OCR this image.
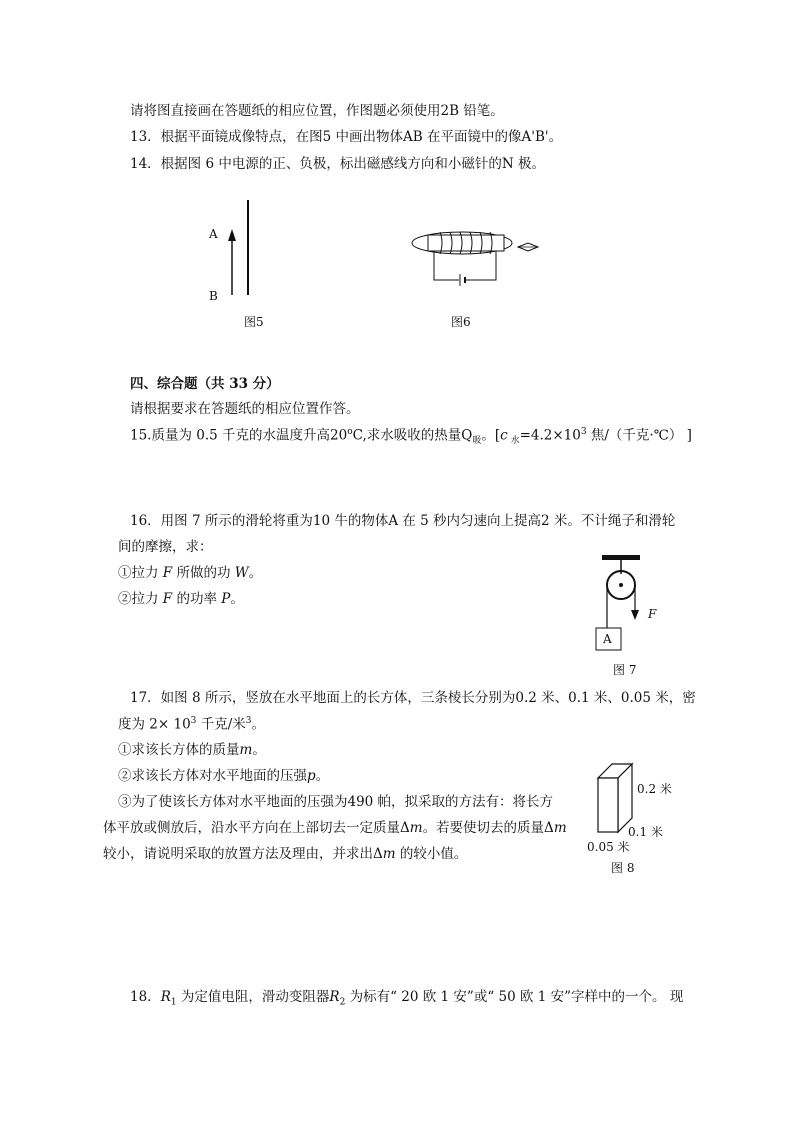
请将图直接画在答题纸的相应位置，作图题必须使用2B 铅笔。
13．根据平面镜成像特点，在图5 中画出物体AB 在平面镜中的像A'B'。
14．根据图 6 中电源的正、负极，标出磁感线方向和小磁针的N 极。
A
B
图5	图6
四、综合题（共 33 分）
请根据要求在答题纸的相应位置作答。
15.质量为 0.5 千克的水温度升高20$^o$C,求水吸收的热量$Q_吸$。[c $_水=4.2\times 10^3$ 焦/（千克·℃） ]
16．用图 7 所示的滑轮将重为10 牛的物体A 在 5 秒内匀速向上提高2 米。不计绳子和滑轮
间的摩擦，求：
①拉力 F 所做的功 W。
②拉力 F 的功率 P。
F
A
图 7
17．如图 8 所示，竖放在水平地面上的长方体，三条棱长分别为0.2 米、0.1 米、0.05 米，密
度为 $2\times 10^3$ 千克/米$^3$。
①求该长方体的质量m。
②求该长方体对水平地面的压强p。
③为了使该长方体对水平地面的压强为490 帕，拟采取的方法有：将长方
体平放或侧放后，沿水平方向在上部切去一定质量Δm。若要使切去的质量Δm
较小，请说明采取的放置方法及理由，并求出Δm 的较小值。
0.2 米
0.1 米
0.05 米
图 8
18．$R_1$ 为定值电阻，滑动变阻器$R_2$ 为标有“ 20 欧 1 安”或“ 50 欧 1 安”字样中的一个。 现
